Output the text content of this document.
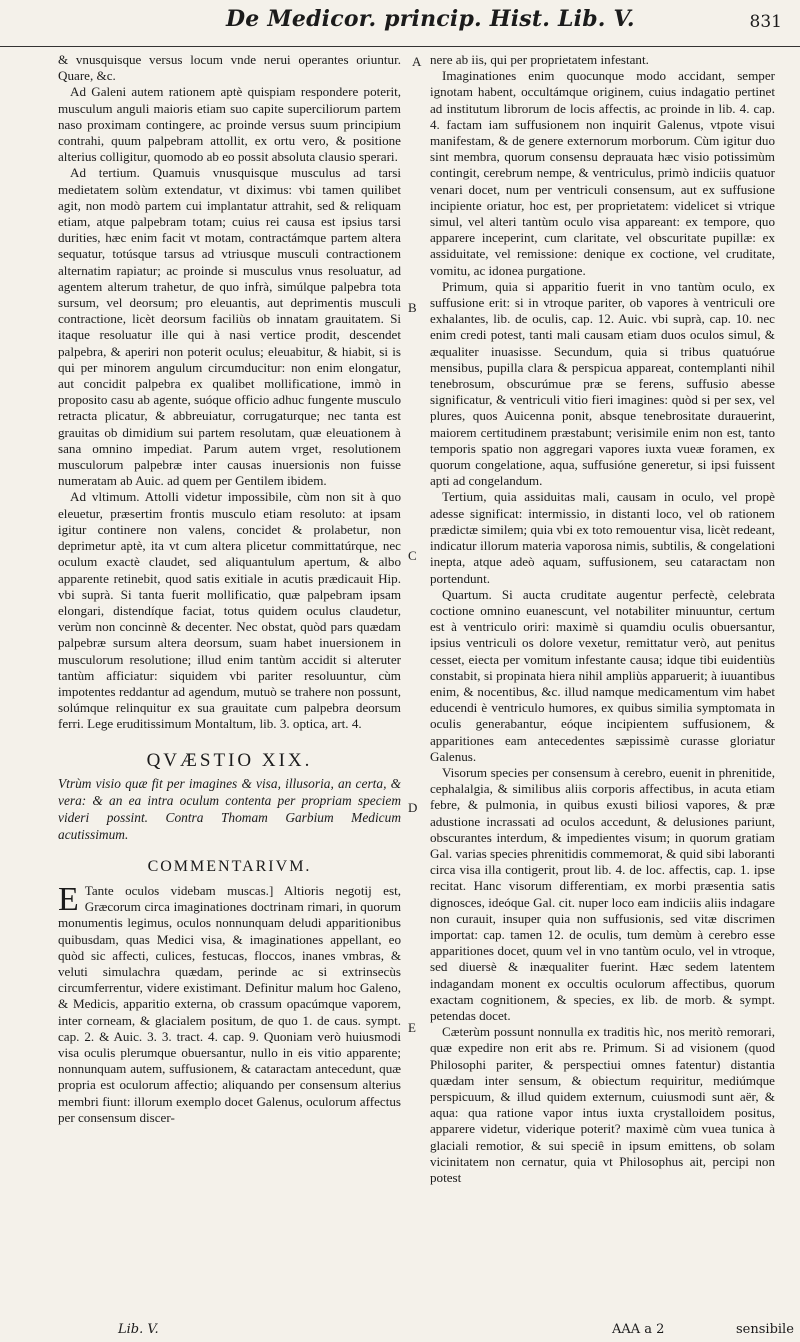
De Medicor. princip. Hist. Lib. V.	831
A
B
C
D
E

& vnusquisque versus locum vnde nerui operantes oriuntur. Quare, &c.

Ad Galeni autem rationem aptè quispiam respondere poterit, musculum anguli maioris etiam suo capite superciliorum partem naso proximam contingere, ac proinde versus suum principium contrahi, quum palpebram attollit, ex ortu vero, & positione alterius colligitur, quomodo ab eo possit absoluta clausio sperari.

Ad tertium. Quamuis vnusquisque musculus ad tarsi medietatem solùm extendatur, vt diximus: vbi tamen quilibet agit, non modò partem cui implantatur attrahit, sed & reliquam etiam, atque palpebram totam; cuius rei causa est ipsius tarsi durities, hæc enim facit vt motam, contractámque partem altera sequatur, totúsque tarsus ad vtriusque musculi contractionem alternatim rapiatur; ac proinde si musculus vnus resoluatur, ad agentem alterum trahetur, de quo infrà, simúlque palpebra tota sursum, vel deorsum; pro eleuantis, aut deprimentis musculi contractione, licèt deorsum faciliùs ob innatam grauitatem. Si itaque resoluatur ille qui à nasi vertice prodit, descendet palpebra, & aperiri non poterit oculus; eleuabitur, & hiabit, si is qui per minorem angulum circumducitur: non enim elongatur, aut concidit palpebra ex qualibet mollificatione, immò in proposito casu ab agente, suóque officio adhuc fungente musculo retracta plicatur, & abbreuiatur, corrugaturque; nec tanta est grauitas ob dimidium sui partem resolutam, quæ eleuationem à sana omnino impediat. Parum autem vrget, resolutionem musculorum palpebræ inter causas inuersionis non fuisse numeratam ab Auic. ad quem per Gentilem ibidem.

Ad vltimum. Attolli videtur impossibile, cùm non sit à quo eleuetur, præsertim frontis musculo etiam resoluto: at ipsam igitur continere non valens, concidet & prolabetur, non deprimetur aptè, ita vt cum altera plicetur committatúrque, nec oculum exactè claudet, sed aliquantulum apertum, & albo apparente retinebit, quod satis exitiale in acutis prædicauit Hip. vbi suprà. Si tanta fuerit mollificatio, quæ palpebram ipsam elongari, distendíque faciat, totus quidem oculus claudetur, verùm non concinnè & decenter. Nec obstat, quòd pars quædam palpebræ sursum altera deorsum, suam habet inuersionem in musculorum resolutione; illud enim tantùm accidit si alteruter tantùm afficiatur: siquidem vbi pariter resoluuntur, cùm impotentes reddantur ad agendum, mutuò se trahere non possunt, solúmque relinquitur ex sua grauitate cum palpebra deorsum ferri. Lege eruditissimum Montaltum, lib. 3. optica, art. 4.

QVÆSTIO XIX.
Vtrùm visio quæ fit per imagines & visa, illusoria, an certa, & vera: & an ea intra oculum contenta per propriam speciem videri possint. Contra Thomam Garbium Medicum acutissimum.
COMMENTARIVM.
E Tante oculos videbam muscas.] Altioris negotij est, Græcorum circa imaginationes doctrinam rimari, in quorum monumentis legimus, oculos nonnunquam deludi apparitionibus quibusdam, quas Medici visa, & imaginationes appellant, eo quòd sic affecti, culices, festucas, floccos, inanes vmbras, & veluti simulachra quædam, perinde ac si extrinsecùs circumferrentur, videre existimant. Definitur malum hoc Galeno, & Medicis, apparitio externa, ob crassum opacúmque vaporem, inter corneam, & glacialem positum, de quo 1. de caus. sympt. cap. 2. & Auic. 3. 3. tract. 4. cap. 9. Quoniam verò huiusmodi visa oculis plerumque obuersantur, nullo in eis vitio apparente; nonnunquam autem, suffusionem, & cataractam antecedunt, quæ propria est oculorum affectio; aliquando per consensum alterius membri fiunt: illorum exemplo docet Galenus, oculorum affectus per consensum discer-

nere ab iis, qui per proprietatem infestant.

Imaginationes enim quocunque modo accidant, semper ignotam habent, occultámque originem, cuius indagatio pertinet ad institutum librorum de locis affectis, ac proinde in lib. 4. cap. 4. factam iam suffusionem non inquirit Galenus, vtpote visui manifestam, & de genere externorum morborum. Cùm igitur duo sint membra, quorum consensu deprauata hæc visio potissimùm contingit, cerebrum nempe, & ventriculus, primò indiciis quatuor venari docet, num per ventriculi consensum, aut ex suffusione incipiente oriatur, hoc est, per proprietatem: videlicet si vtrique simul, vel alteri tantùm oculo visa appareant: ex tempore, quo apparere inceperint, cum claritate, vel obscuritate pupillæ: ex assiduitate, vel remissione: denique ex coctione, vel cruditate, vomitu, ac idonea purgatione.

Primum, quia si apparitio fuerit in vno tantùm oculo, ex suffusione erit: si in vtroque pariter, ob vapores à ventriculi ore exhalantes, lib. de oculis, cap. 12. Auic. vbi suprà, cap. 10. nec enim credi potest, tanti mali causam etiam duos oculos simul, & æqualiter inuasisse. Secundum, quia si tribus quatuórue mensibus, pupilla clara & perspicua appareat, contemplanti nihil tenebrosum, obscurúmue præ se ferens, suffusio abesse significatur, & ventriculi vitio fieri imagines: quòd si per sex, vel plures, quos Auicenna ponit, absque tenebrositate durauerint, maiorem certitudinem præstabunt; verisimile enim non est, tanto temporis spatio non aggregari vapores iuxta vueæ foramen, ex quorum congelatione, aqua, suffusióne generetur, si ipsi fuissent apti ad congelandum.

Tertium, quia assiduitas mali, causam in oculo, vel propè adesse significat: intermissio, in distanti loco, vel ob rationem prædictæ similem; quia vbi ex toto remouentur visa, licèt redeant, indicatur illorum materia vaporosa nimis, subtilis, & congelationi inepta, atque adeò aquam, suffusionem, seu cataractam non portendunt.

Quartum. Si aucta cruditate augentur perfectè, celebrata coctione omnino euanescunt, vel notabiliter minuuntur, certum est à ventriculo oriri: maximè si quamdiu oculis obuersantur, ipsius ventriculi os dolore vexetur, remittatur verò, aut penitus cesset, eiecta per vomitum infestante causa; idque tibi euidentiùs constabit, si propinata hiera nihil ampliùs apparuerit; à iuuantibus enim, & nocentibus, &c. illud namque medicamentum vim habet educendi è ventriculo humores, ex quibus similia symptomata in oculis generabantur, eóque incipientem suffusionem, & apparitiones eam antecedentes sæpissimè curasse gloriatur Galenus.

Visorum species per consensum à cerebro, euenit in phrenitide, cephalalgia, & similibus aliis corporis affectibus, in acuta etiam febre, & pulmonia, in quibus exusti biliosi vapores, & præ adustione incrassati ad oculos accedunt, & delusiones pariunt, obscurantes interdum, & impedientes visum; in quorum gratiam Gal. varias species phrenitidis commemorat, & quid sibi laboranti circa visa illa contigerit, prout lib. 4. de loc. affectis, cap. 1. ipse recitat. Hanc visorum differentiam, ex morbi præsentia satis dignosces, ideóque Gal. cit. nuper loco eam indiciis aliis indagare non curauit, insuper quia non suffusionis, sed vitæ discrimen importat: cap. tamen 12. de oculis, tum demùm à cerebro esse apparitiones docet, quum vel in vno tantùm oculo, vel in vtroque, sed diuersè & inæqualiter fuerint. Hæc sedem latentem indagandam monent ex occultis oculorum affectibus, quorum exactam cognitionem, & species, ex lib. de morb. & sympt. petendas docet.

Cæterùm possunt nonnulla ex traditis hìc, nos meritò remorari, quæ expedire non erit abs re. Primum. Si ad visionem (quod Philosophi pariter, & perspectiui omnes fatentur) distantia quædam inter sensum, & obiectum requiritur, mediúmque perspicuum, & illud quidem externum, cuiusmodi sunt aër, & aqua: qua ratione vapor intus iuxta crystalloidem positus, apparere videtur, viderique poterit? maximè cùm vuea tunica à glaciali remotior, & sui speciê in ipsum emittens, ob solam vicinitatem non cernatur, quia vt Philosophus ait, percipi non potest

Lib. V.	AAA a 2	sensibile
